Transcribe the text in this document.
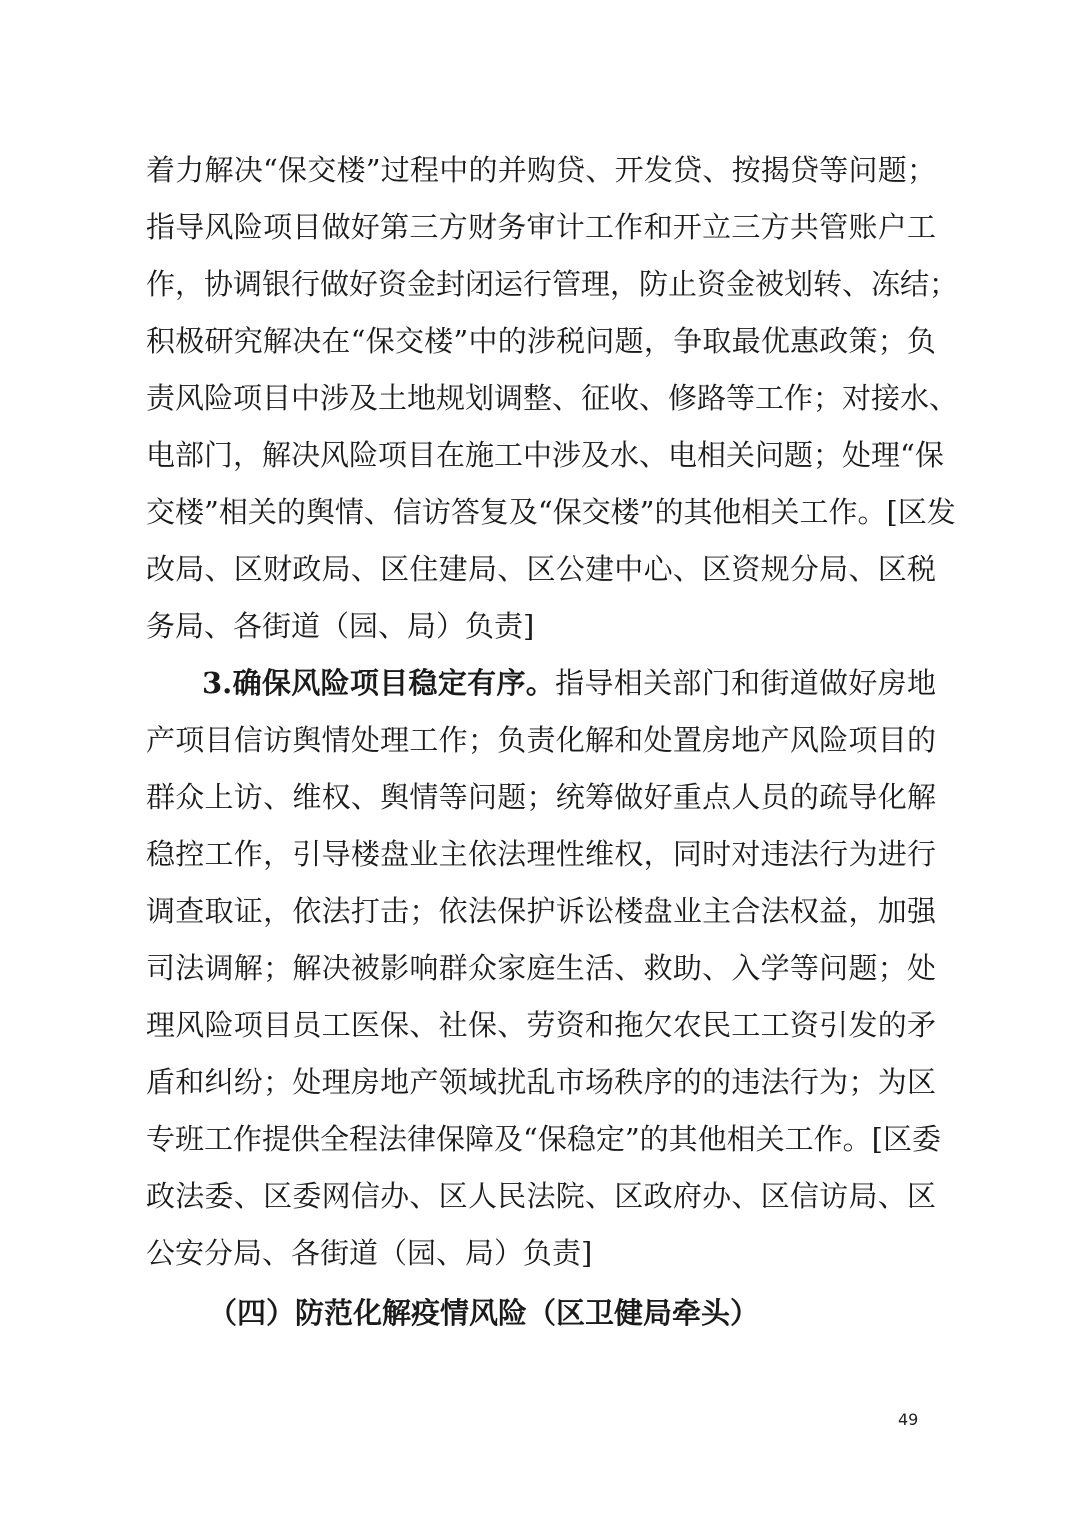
着力解决“保交楼”过程中的并购贷、开发贷、按揭贷等问题；
指导风险项目做好第三方财务审计工作和开立三方共管账户工
作，协调银行做好资金封闭运行管理，防止资金被划转、冻结；
积极研究解决在“保交楼”中的涉税问题，争取最优惠政策；负
责风险项目中涉及土地规划调整、征收、修路等工作；对接水、
电部门，解决风险项目在施工中涉及水、电相关问题；处理“保
交楼”相关的舆情、信访答复及“保交楼”的其他相关工作。[区发
改局、区财政局、区住建局、区公建中心、区资规分局、区税
务局、各街道（园、局）负责]
3.确保风险项目稳定有序。指导相关部门和街道做好房地
产项目信访舆情处理工作；负责化解和处置房地产风险项目的
群众上访、维权、舆情等问题；统筹做好重点人员的疏导化解
稳控工作，引导楼盘业主依法理性维权，同时对违法行为进行
调查取证，依法打击；依法保护诉讼楼盘业主合法权益，加强
司法调解；解决被影响群众家庭生活、救助、入学等问题；处
理风险项目员工医保、社保、劳资和拖欠农民工工资引发的矛
盾和纠纷；处理房地产领域扰乱市场秩序的的违法行为；为区
专班工作提供全程法律保障及“保稳定”的其他相关工作。[区委
政法委、区委网信办、区人民法院、区政府办、区信访局、区
公安分局、各街道（园、局）负责]
（四）防范化解疫情风险（区卫健局牵头）
49
